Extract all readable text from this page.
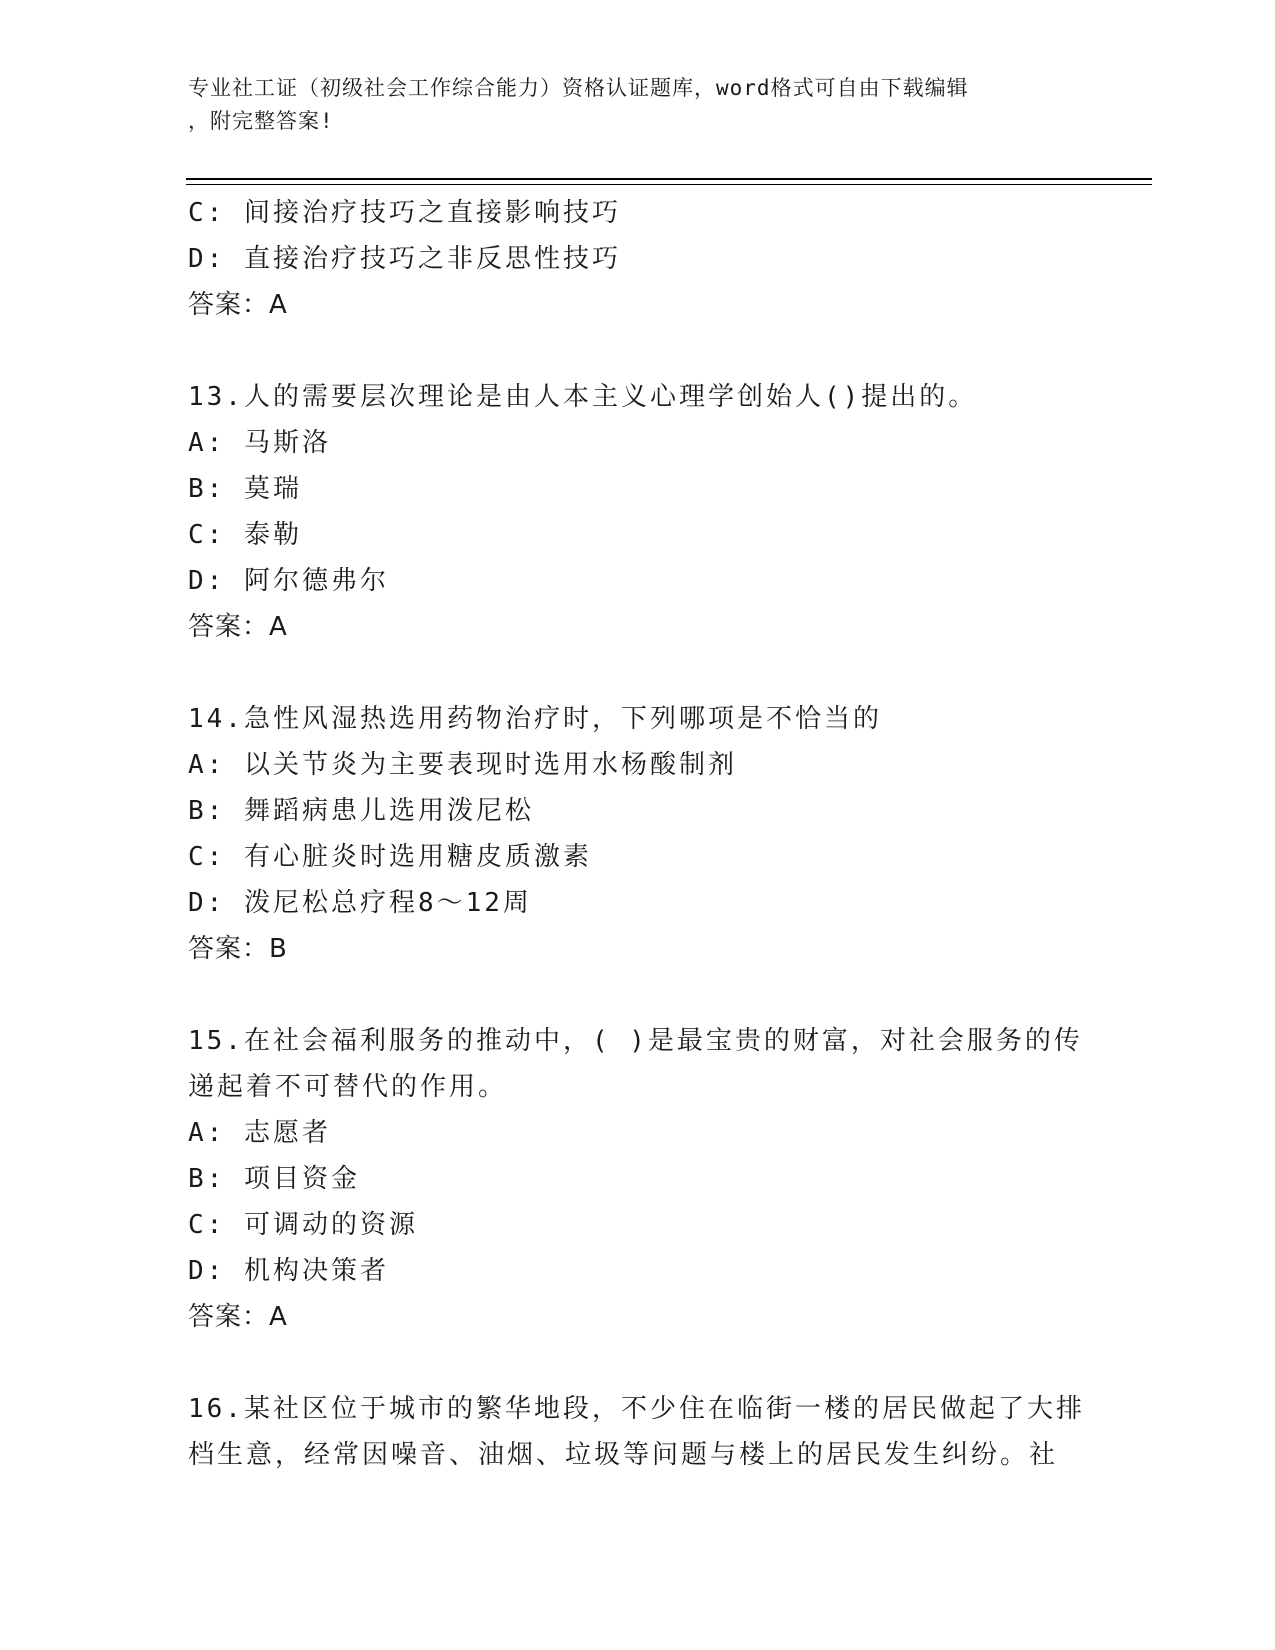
专业社工证（初级社会工作综合能力）资格认证题库，word格式可自由下载编辑
，附完整答案!
C: 间接治疗技巧之直接影响技巧
D: 直接治疗技巧之非反思性技巧
答案：A
13.人的需要层次理论是由人本主义心理学创始人()提出的。
A: 马斯洛
B: 莫瑞
C: 泰勒
D: 阿尔德弗尔
答案：A
14.急性风湿热选用药物治疗时，下列哪项是不恰当的
A: 以关节炎为主要表现时选用水杨酸制剂
B: 舞蹈病患儿选用泼尼松
C: 有心脏炎时选用糖皮质激素
D: 泼尼松总疗程8～12周
答案：B
15.在社会福利服务的推动中，( )是最宝贵的财富，对社会服务的传
递起着不可替代的作用。
A: 志愿者
B: 项目资金
C: 可调动的资源
D: 机构决策者
答案：A
16.某社区位于城市的繁华地段，不少住在临街一楼的居民做起了大排
档生意，经常因噪音、油烟、垃圾等问题与楼上的居民发生纠纷。社
